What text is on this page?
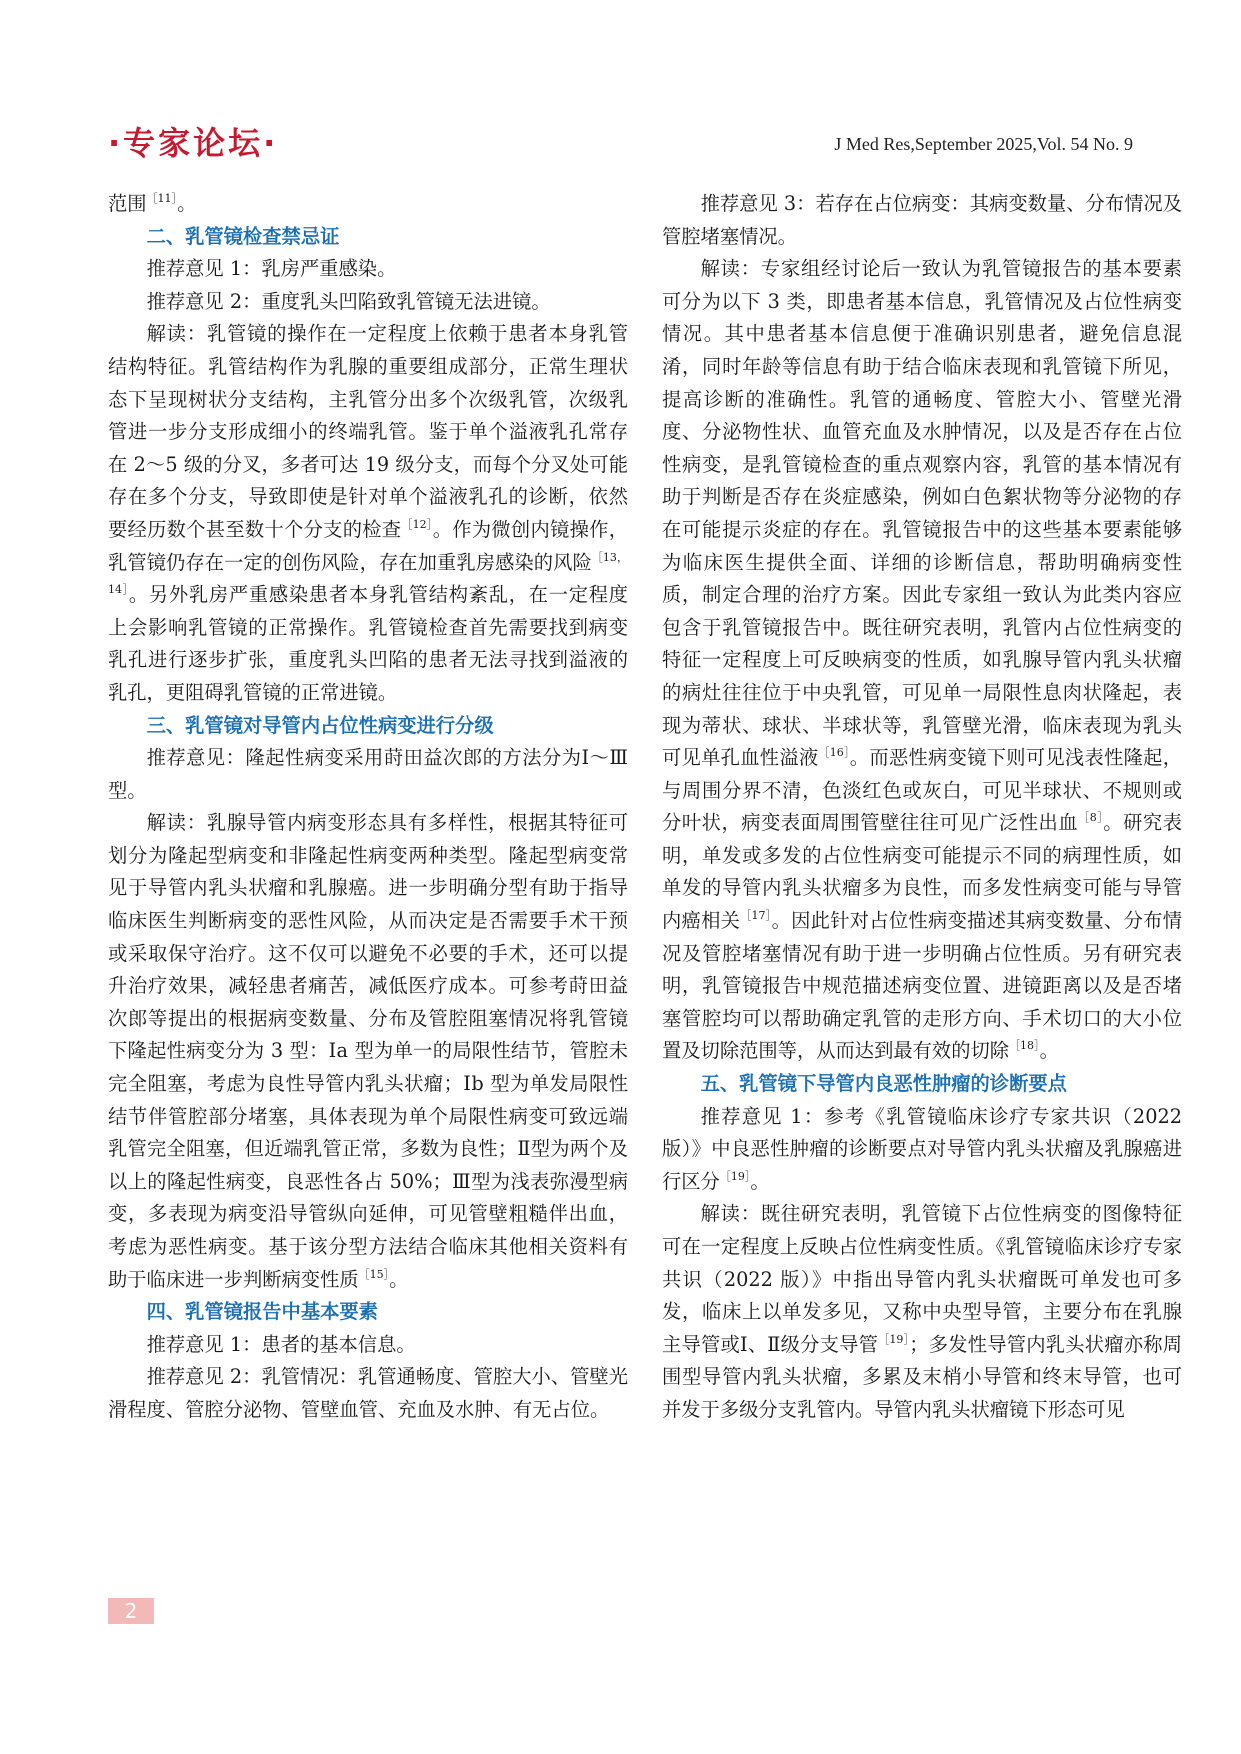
·专家论坛·	J Med Res,September 2025,Vol. 54 No. 9

范围$^{[11]}$。

二、乳管镜检查禁忌证

推荐意见 1：乳房严重感染。

推荐意见 2：重度乳头凹陷致乳管镜无法进镜。

解读：乳管镜的操作在一定程度上依赖于患者本身乳管结构特征。乳管结构作为乳腺的重要组成部分，正常生理状态下呈现树状分支结构，主乳管分出多个次级乳管，次级乳管进一步分支形成细小的终端乳管。鉴于单个溢液乳孔常存在 2～5 级的分叉，多者可达 19 级分支，而每个分叉处可能存在多个分支，导致即使是针对单个溢液乳孔的诊断，依然要经历数个甚至数十个分支的检查$^{[12]}$。作为微创内镜操作，乳管镜仍存在一定的创伤风险，存在加重乳房感染的风险$^{[13,14]}$。另外乳房严重感染患者本身乳管结构紊乱，在一定程度上会影响乳管镜的正常操作。乳管镜检查首先需要找到病变乳孔进行逐步扩张，重度乳头凹陷的患者无法寻找到溢液的乳孔，更阻碍乳管镜的正常进镜。

三、乳管镜对导管内占位性病变进行分级

推荐意见：隆起性病变采用莳田益次郎的方法分为Ⅰ～Ⅲ型。

解读：乳腺导管内病变形态具有多样性，根据其特征可划分为隆起型病变和非隆起性病变两种类型。隆起型病变常见于导管内乳头状瘤和乳腺癌。进一步明确分型有助于指导临床医生判断病变的恶性风险，从而决定是否需要手术干预或采取保守治疗。这不仅可以避免不必要的手术，还可以提升治疗效果，减轻患者痛苦，减低医疗成本。可参考莳田益次郎等提出的根据病变数量、分布及管腔阻塞情况将乳管镜下隆起性病变分为 3 型：Ⅰa 型为单一的局限性结节，管腔未完全阻塞，考虑为良性导管内乳头状瘤；Ⅰb 型为单发局限性结节伴管腔部分堵塞，具体表现为单个局限性病变可致远端乳管完全阻塞，但近端乳管正常，多数为良性；Ⅱ型为两个及以上的隆起性病变，良恶性各占 50%；Ⅲ型为浅表弥漫型病变，多表现为病变沿导管纵向延伸，可见管壁粗糙伴出血，考虑为恶性病变。基于该分型方法结合临床其他相关资料有助于临床进一步判断病变性质$^{[15]}$。

四、乳管镜报告中基本要素

推荐意见 1：患者的基本信息。

推荐意见 2：乳管情况：乳管通畅度、管腔大小、管壁光滑程度、管腔分泌物、管壁血管、充血及水肿、有无占位。

推荐意见 3：若存在占位病变：其病变数量、分布情况及管腔堵塞情况。

解读：专家组经讨论后一致认为乳管镜报告的基本要素可分为以下 3 类，即患者基本信息，乳管情况及占位性病变情况。其中患者基本信息便于准确识别患者，避免信息混淆，同时年龄等信息有助于结合临床表现和乳管镜下所见，提高诊断的准确性。乳管的通畅度、管腔大小、管壁光滑度、分泌物性状、血管充血及水肿情况，以及是否存在占位性病变，是乳管镜检查的重点观察内容，乳管的基本情况有助于判断是否存在炎症感染，例如白色絮状物等分泌物的存在可能提示炎症的存在。乳管镜报告中的这些基本要素能够为临床医生提供全面、详细的诊断信息，帮助明确病变性质，制定合理的治疗方案。因此专家组一致认为此类内容应包含于乳管镜报告中。既往研究表明，乳管内占位性病变的特征一定程度上可反映病变的性质，如乳腺导管内乳头状瘤的病灶往往位于中央乳管，可见单一局限性息肉状隆起，表现为蒂状、球状、半球状等，乳管壁光滑，临床表现为乳头可见单孔血性溢液$^{[16]}$。而恶性病变镜下则可见浅表性隆起，与周围分界不清，色淡红色或灰白，可见半球状、不规则或分叶状，病变表面周围管壁往往可见广泛性出血$^{[8]}$。研究表明，单发或多发的占位性病变可能提示不同的病理性质，如单发的导管内乳头状瘤多为良性，而多发性病变可能与导管内癌相关$^{[17]}$。因此针对占位性病变描述其病变数量、分布情况及管腔堵塞情况有助于进一步明确占位性质。另有研究表明，乳管镜报告中规范描述病变位置、进镜距离以及是否堵塞管腔均可以帮助确定乳管的走形方向、手术切口的大小位置及切除范围等，从而达到最有效的切除$^{[18]}$。

五、乳管镜下导管内良恶性肿瘤的诊断要点

推荐意见 1：参考《乳管镜临床诊疗专家共识（2022 版）》中良恶性肿瘤的诊断要点对导管内乳头状瘤及乳腺癌进行区分$^{[19]}$。

解读：既往研究表明，乳管镜下占位性病变的图像特征可在一定程度上反映占位性病变性质。《乳管镜临床诊疗专家共识（2022 版）》中指出导管内乳头状瘤既可单发也可多发，临床上以单发多见，又称中央型导管，主要分布在乳腺主导管或Ⅰ、Ⅱ级分支导管$^{[19]}$；多发性导管内乳头状瘤亦称周围型导管内乳头状瘤，多累及末梢小导管和终末导管，也可并发于多级分支乳管内。导管内乳头状瘤镜下形态可见

2
